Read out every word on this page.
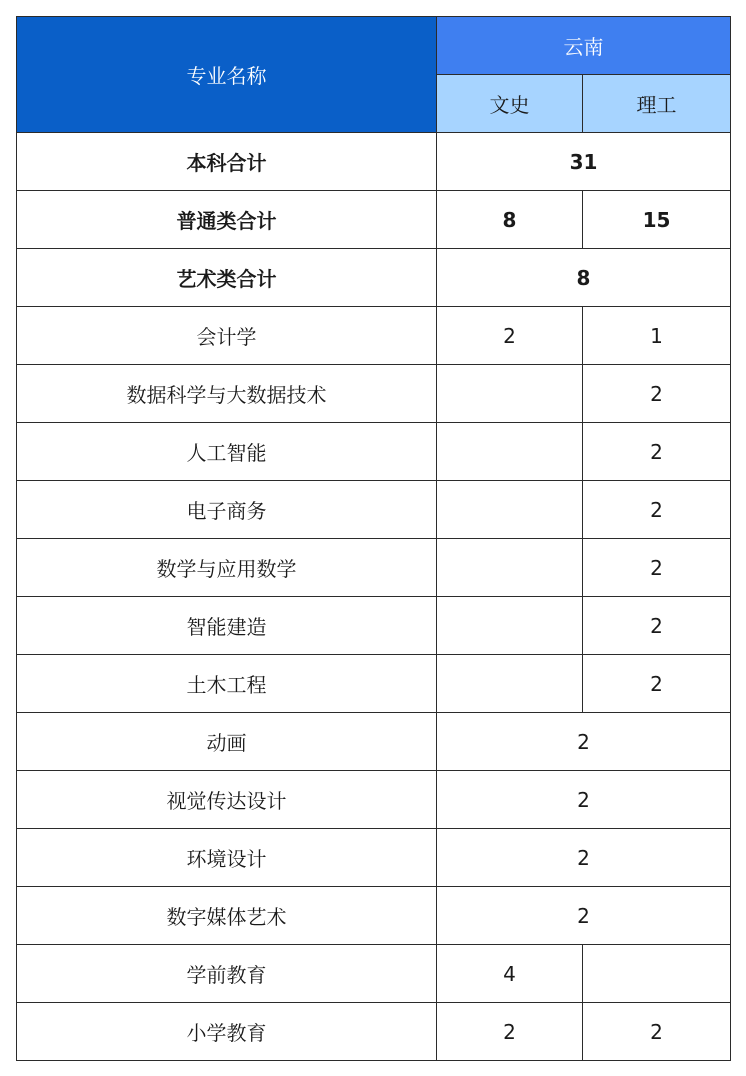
专业名称	云南	
	文史	理工
本科合计	31	
普通类合计	8	15
艺术类合计	8	
会计学	2	1
数据科学与大数据技术		2
人工智能		2
电子商务		2
数学与应用数学		2
智能建造		2
土木工程		2
动画	2	
视觉传达设计	2	
环境设计	2	
数字媒体艺术	2	
学前教育	4	
小学教育	2	2
